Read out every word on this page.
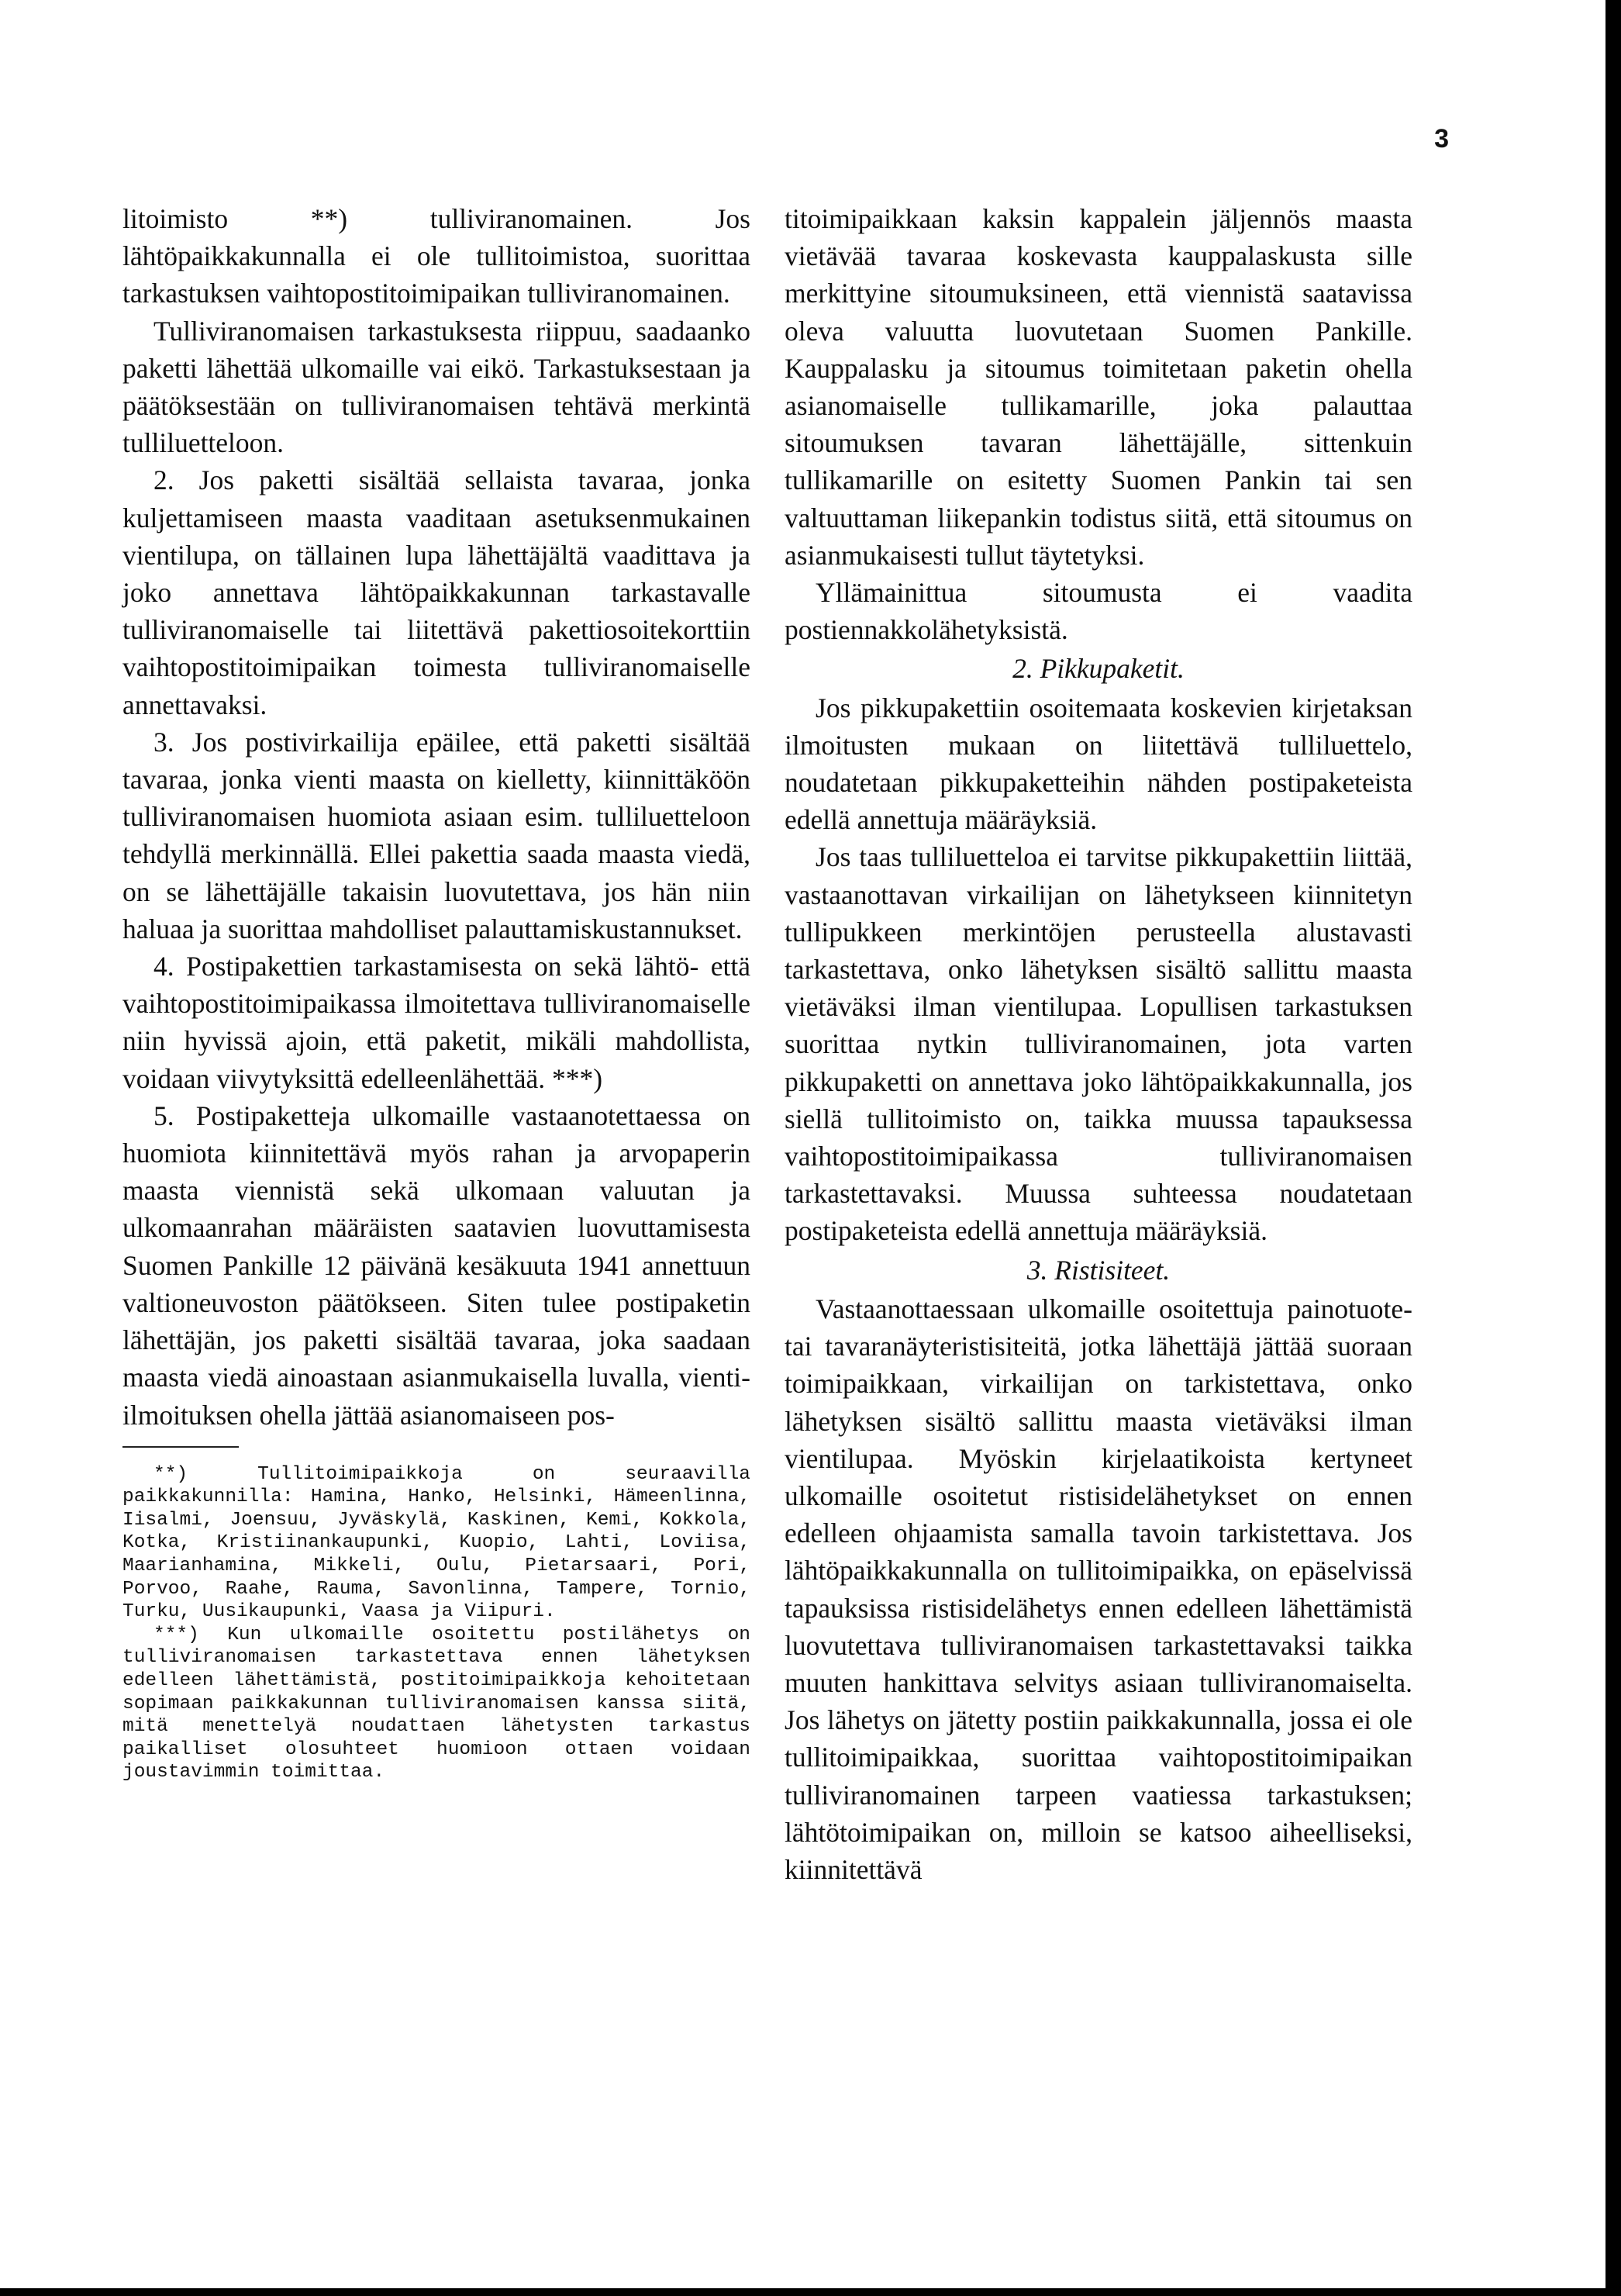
3

litoimisto **) tulliviranomainen. Jos lähtöpaikkakunnalla ei ole tullitoimistoa, suorittaa tarkastuksen vaihtopostitoimipaikan tulliviranomainen.

Tulliviranomaisen tarkastuksesta riippuu, saadaanko paketti lähettää ulkomaille vai eikö. Tarkastuksestaan ja päätöksestään on tulliviranomaisen tehtävä merkintä tulliluetteloon.

2. Jos paketti sisältää sellaista tavaraa, jonka kuljettamiseen maasta vaaditaan asetuksenmukainen vientilupa, on tällainen lupa lähettäjältä vaadittava ja joko annettava lähtöpaikkakunnan tarkastavalle tulliviranomaiselle tai liitettävä pakettiosoitekorttiin vaihtopostitoimipaikan toimesta tulliviranomaiselle annettavaksi.

3. Jos postivirkailija epäilee, että paketti sisältää tavaraa, jonka vienti maasta on kielletty, kiinnittäköön tulliviranomaisen huomiota asiaan esim. tulliluetteloon tehdyllä merkinnällä. Ellei pakettia saada maasta viedä, on se lähettäjälle takaisin luovutettava, jos hän niin haluaa ja suorittaa mahdolliset palauttamiskustannukset.

4. Postipakettien tarkastamisesta on sekä lähtö- että vaihtopostitoimipaikassa ilmoitettava tulliviranomaiselle niin hyvissä ajoin, että paketit, mikäli mahdollista, voidaan viivytyksittä edelleenlähettää. ***)

5. Postipaketteja ulkomaille vastaanotettaessa on huomiota kiinnitettävä myös rahan ja arvopaperin maasta viennistä sekä ulkomaan valuutan ja ulkomaanrahan määräisten saatavien luovuttamisesta Suomen Pankille 12 päivänä kesäkuuta 1941 annettuun valtioneuvoston päätökseen. Siten tulee postipaketin lähettäjän, jos paketti sisältää tavaraa, joka saadaan maasta viedä ainoastaan asianmukaisella luvalla, vienti-ilmoituksen ohella jättää asianomaiseen pos-

**) Tullitoimipaikkoja on seuraavilla paikkakunnilla: Hamina, Hanko, Helsinki, Hämeenlinna, Iisalmi, Joensuu, Jyväskylä, Kaskinen, Kemi, Kokkola, Kotka, Kristiinankaupunki, Kuopio, Lahti, Loviisa, Maarianhamina, Mikkeli, Oulu, Pietarsaari, Pori, Porvoo, Raahe, Rauma, Savonlinna, Tampere, Tornio, Turku, Uusikaupunki, Vaasa ja Viipuri.

***) Kun ulkomaille osoitettu postilähetys on tulliviranomaisen tarkastettava ennen lähetyksen edelleen lähettämistä, postitoimipaikkoja kehoitetaan sopimaan paikkakunnan tulliviranomaisen kanssa siitä, mitä menettelyä noudattaen lähetysten tarkastus paikalliset olosuhteet huomioon ottaen voidaan joustavimmin toimittaa.

titoimipaikkaan kaksin kappalein jäljennös maasta vietävää tavaraa koskevasta kauppalaskusta sille merkittyine sitoumuksineen, että viennistä saatavissa oleva valuutta luovutetaan Suomen Pankille. Kauppalasku ja sitoumus toimitetaan paketin ohella asianomaiselle tullikamarille, joka palauttaa sitoumuksen tavaran lähettäjälle, sittenkuin tullikamarille on esitetty Suomen Pankin tai sen valtuuttaman liikepankin todistus siitä, että sitoumus on asianmukaisesti tullut täytetyksi.

Yllämainittua sitoumusta ei vaadita postiennakkolähetyksistä.

2. Pikkupaketit.

Jos pikkupakettiin osoitemaata koskevien kirjetaksan ilmoitusten mukaan on liitettävä tulliluettelo, noudatetaan pikkupaketteihin nähden postipaketeista edellä annettuja määräyksiä.

Jos taas tulliluetteloa ei tarvitse pikkupakettiin liittää, vastaanottavan virkailijan on lähetykseen kiinnitetyn tullipukkeen merkintöjen perusteella alustavasti tarkastettava, onko lähetyksen sisältö sallittu maasta vietäväksi ilman vientilupaa. Lopullisen tarkastuksen suorittaa nytkin tulliviranomainen, jota varten pikkupaketti on annettava joko lähtöpaikkakunnalla, jos siellä tullitoimisto on, taikka muussa tapauksessa vaihtopostitoimipaikassa tulliviranomaisen tarkastettavaksi. Muussa suhteessa noudatetaan postipaketeista edellä annettuja määräyksiä.

3. Ristisiteet.

Vastaanottaessaan ulkomaille osoitettuja painotuote- tai tavaranäyteristisiteitä, jotka lähettäjä jättää suoraan toimipaikkaan, virkailijan on tarkistettava, onko lähetyksen sisältö sallittu maasta vietäväksi ilman vientilupaa. Myöskin kirjelaatikoista kertyneet ulkomaille osoitetut ristisidelähetykset on ennen edelleen ohjaamista samalla tavoin tarkistettava. Jos lähtöpaikkakunnalla on tullitoimipaikka, on epäselvissä tapauksissa ristisidelähetys ennen edelleen lähettämistä luovutettava tulliviranomaisen tarkastettavaksi taikka muuten hankittava selvitys asiaan tulliviranomaiselta. Jos lähetys on jätetty postiin paikkakunnalla, jossa ei ole tullitoimipaikkaa, suorittaa vaihtopostitoimipaikan tulliviranomainen tarpeen vaatiessa tarkastuksen; lähtötoimipaikan on, milloin se katsoo aiheelliseksi, kiinnitettävä
